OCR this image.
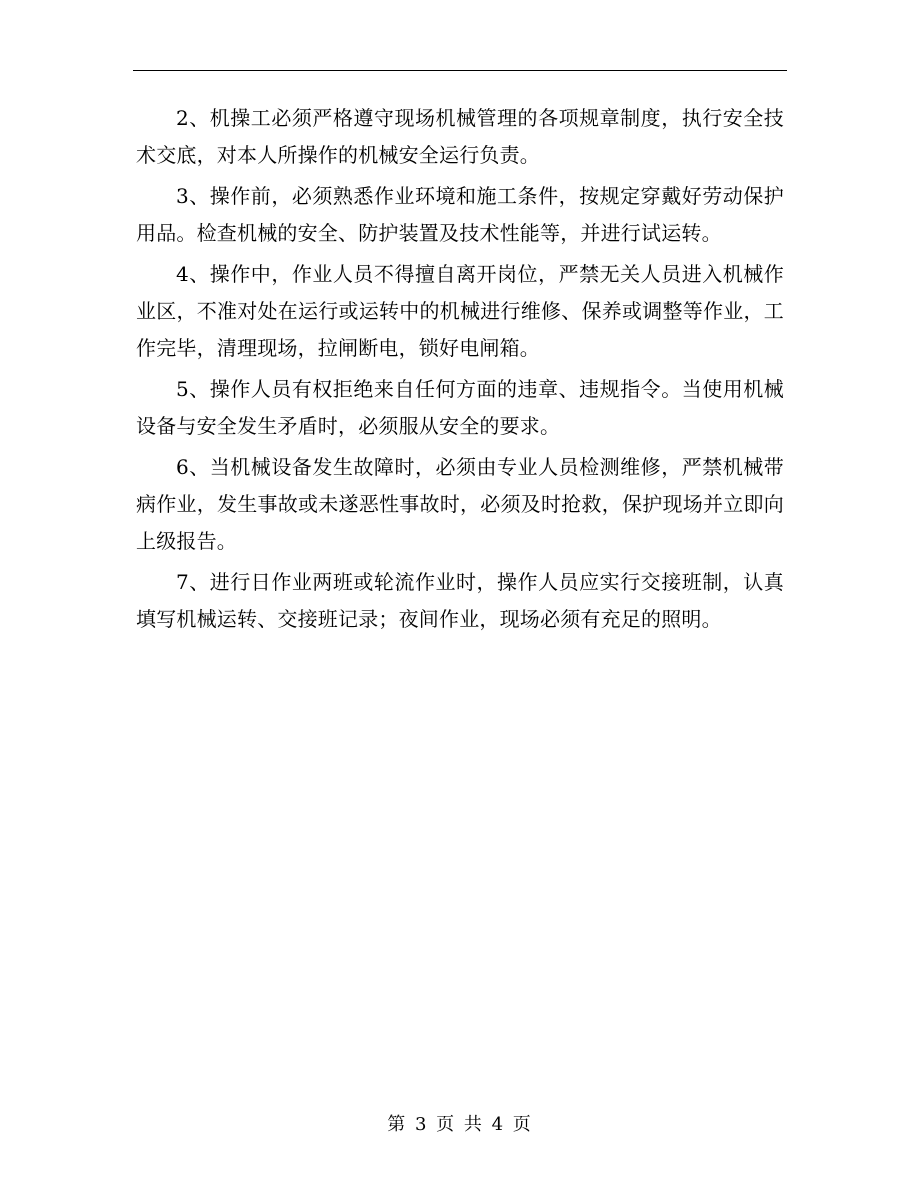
2、机操工必须严格遵守现场机械管理的各项规章制度，执行安全技术交底，对本人所操作的机械安全运行负责。

3、操作前，必须熟悉作业环境和施工条件，按规定穿戴好劳动保护用品。检查机械的安全、防护装置及技术性能等，并进行试运转。

4、操作中，作业人员不得擅自离开岗位，严禁无关人员进入机械作业区，不准对处在运行或运转中的机械进行维修、保养或调整等作业，工作完毕，清理现场，拉闸断电，锁好电闸箱。

5、操作人员有权拒绝来自任何方面的违章、违规指令。当使用机械设备与安全发生矛盾时，必须服从安全的要求。

6、当机械设备发生故障时，必须由专业人员检测维修，严禁机械带病作业，发生事故或未遂恶性事故时，必须及时抢救，保护现场并立即向上级报告。

7、进行日作业两班或轮流作业时，操作人员应实行交接班制，认真填写机械运转、交接班记录；夜间作业，现场必须有充足的照明。

第 3 页 共 4 页
